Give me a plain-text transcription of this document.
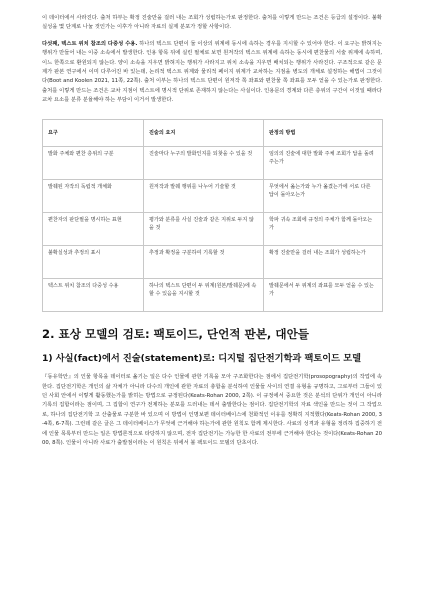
이 데이터에서 사라진다. 출처 하부는 확정 진술만을 걸러 내는 조회가 성립하는가로 판정한다. 출처를 이렇게 만드는 조건은 등급의 설정이다. 불확실성을 몇 단계로 나눌 것인가는 이후가 아니라 자료의 실제 분포가 정할 사항이다.

다섯째, 텍스트 위치 참조의 다중성 수용. 하나의 텍스트 단편이 둘 이상의 위계에 동시에 속하는 경우를 지시할 수 있어야 한다. 이 요구는 밝혀지는 행위가 만들어 내는 이중 소속에서 발생한다. 인용 항목 뒤에 실린 필체로 보면 원저작의 텍스트 위계에 속하는 동시에 편찬물의 서술 위계에 속하며, 이느 한쪽으로 환원되지 않는다. 양이 소속을 지우면 밝혀지는 행위가 사라지고 위치 소속을 지우면 배치되는 행위가 사라진다. 구조적으로 같은 문제가 판본 연구에서 이미 다루어진 바 있는데, 논리적 텍스트 위계와 물리적 페이지 위계가 교차하는 지점을 병도의 개체로 설정하는 해법이 그것이다(Boot and Koolen 2021, 11쪽, 22쪽). 출처 이부는 하나의 텍스트 단편이 원저작 쪽 좌표와 편찬물 쪽 좌표를 모두 얻을 수 있는가로 판정한다. 출처를 이렇게 만드는 조건은 교차 지점이 텍스트에 명시적 단위로 존재하지 않는다는 사실이다. 인용문의 경계와 다른 층위의 구간이 이것일 때라다 교차 요소를 분류 분율해야 하는 부담이 이거서 발생한다.

요구	진술의 요지	판정의 방법
발화 주체와 편찬 층위의 구분	진술마다 누구의 발화인지를 되찾을 수 있을 것	임의의 진술에 대한 발화 주체 조회가 답을 돌려주는가
발췌된 자작의 독립적 개체화	원저작과 발췌 행위를 나누어 기술할 것	무엇에서 옮는가와 누가 옮겼는가에 서로 다른 답이 돌아오는가
편찬자의 판단필을 명시하는 표현	평가와 분류를 사실 진술과 같은 지위로 두지 않을 것	학파 귀속 조회에 규정의 주체가 함께 돌아오는가
불확실성과 추정의 표시	추정과 확정을 구분하여 기록할 것	확정 진술만을 걸러 내는 조회가 성립하는가
텍스트 위치 참조의 다중성 수용	하나의 텍스트 단편이 두 위계(원본/발췌문)에 속할 수 있음을 지시할 것	발췌문에서 두 위계의 좌표를 모두 얻을 수 있는가
2. 표상 모델의 검토: 팩토이드, 단언적 판본, 대안들
1) 사실(fact)에서 진술(statement)로: 디지털 집단전기학과 팩토이드 모델

『동유학안』의 인물 항목을 데이터로 옮기는 일은 다수 인물에 관한 기록을 모아 구조화한다는 점에서 집단전기학(prosopography)의 작업에 속한다. 집단전기학은 개인의 삶 자체가 아니라 다수의 개인에 관한 자료의 총합을 분석하여 인물들 사이의 연결 유형을 규명하고, 그로부터 그들이 있던 사회 안에서 이렇게 활동했는가를 밝히는 방법으로 규정된다(Keats-Rohan 2000, 2쪽). 이 규정에서 중요한 것은 분석의 단위가 개인이 아니라 기록의 집합이라는 점이며, 그 집합이 연구가 전제하는 분포를 드러내는 데서 출발한다는 점이다. 집단전기학의 자료 색인을 만드는 것이 그 작업으로, 하나의 집단전기학 고 산출물로 구분한 바 있으며 이 방법이 인명보편 데이터베이스에 천화적인 이유를 정확히 지적했다(Keats-Rohan 2000, 3-4쪽, 6-7쪽). 그런데 같은 글은 그 데이터베이스가 무엇에 근거해야 하는가에 관한 원칙도 함께 제시한다. 사료의 성격과 유형을 정리하 집중하기 전에 인물 목록부터 만드는 일은 방법론적으로 타당하지 않으며, 전자 집단전기는 가능한 한 사료의 전부에 근거해야 한다는 것이다(Keats-Rohan 2000, 8쪽). 인물이 아니라 사료가 출발점이라는 이 원칙은 뒤에서 볼 팩토이드 모델의 단초이다.
